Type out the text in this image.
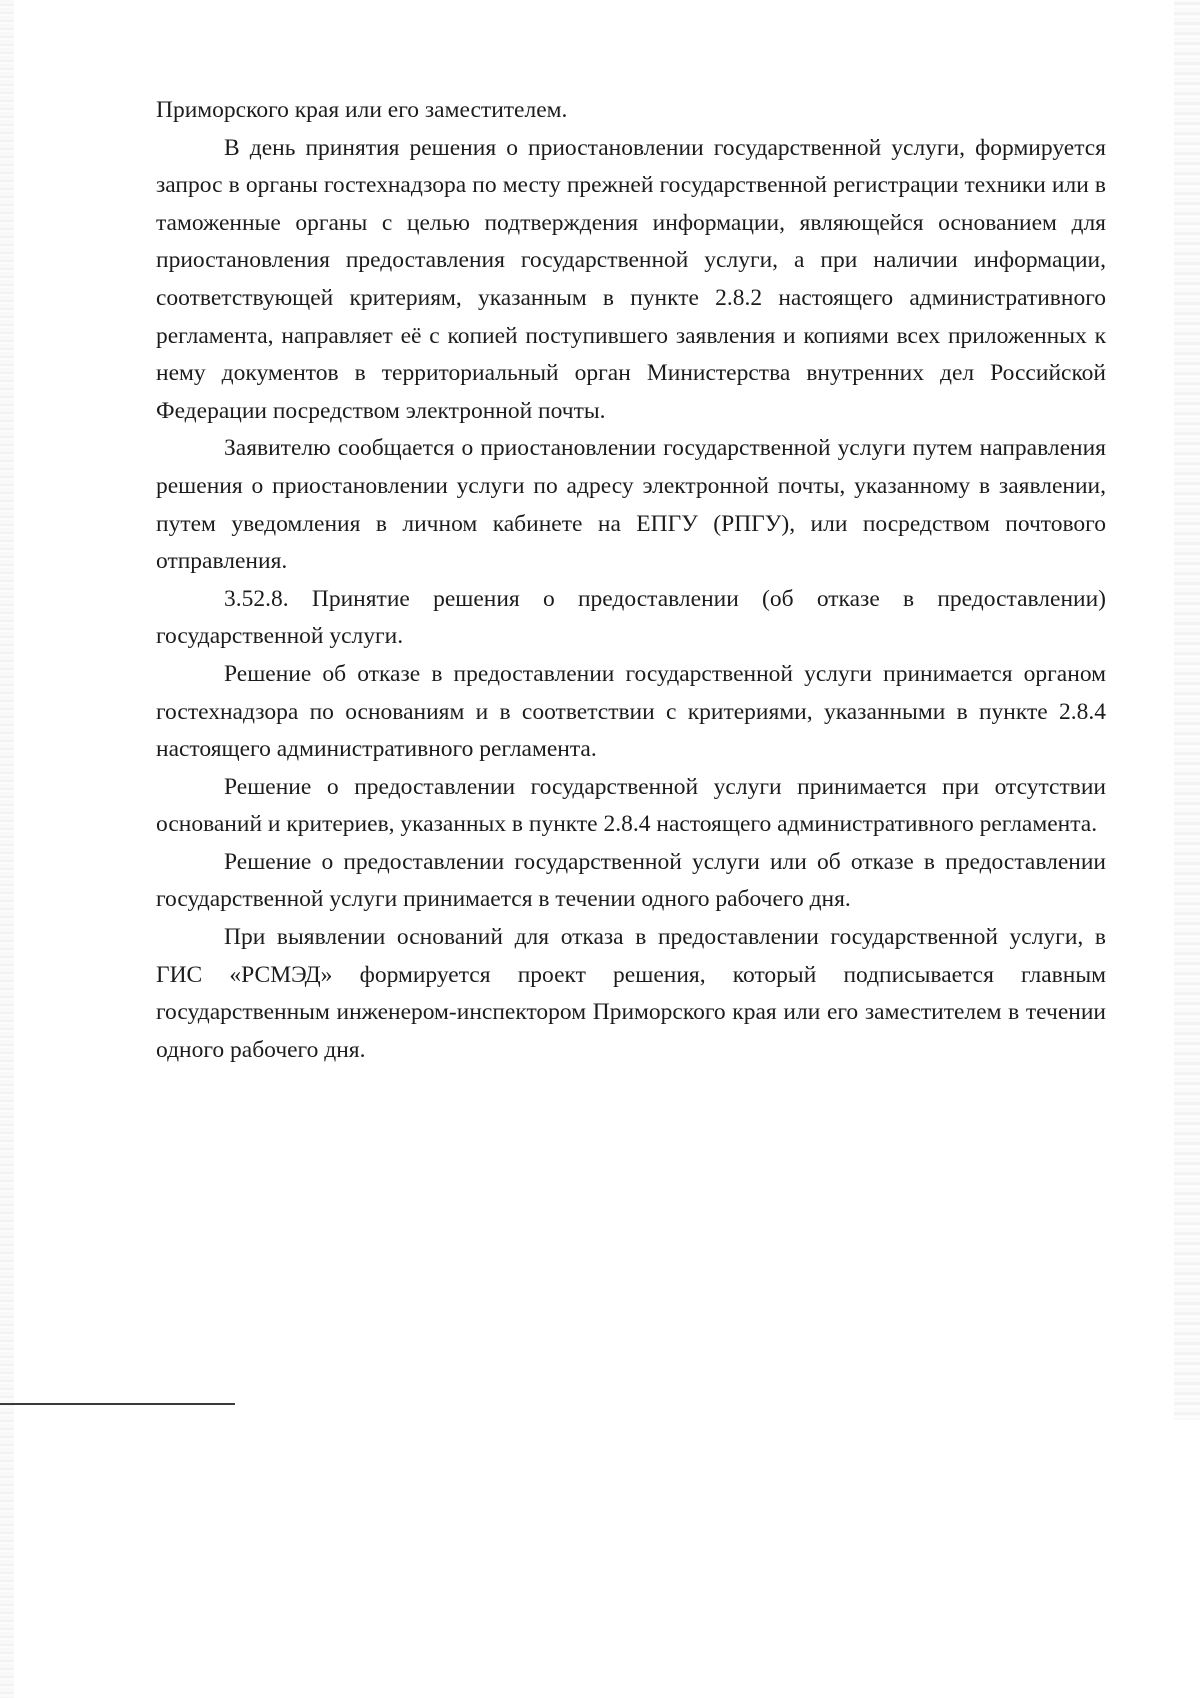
Приморского края или его заместителем.

В день принятия решения о приостановлении государственной услуги, формируется запрос в органы гостехнадзора по месту прежней государственной регистрации техники или в таможенные органы с целью подтверждения информации, являющейся основанием для приостановления предоставления государственной услуги, а при наличии информации, соответствующей критериям, указанным в пункте 2.8.2 настоящего административного регламента, направляет её с копией поступившего заявления и копиями всех приложенных к нему документов в территориальный орган Министерства внутренних дел Российской Федерации посредством электронной почты.

Заявителю сообщается о приостановлении государственной услуги путем направления решения о приостановлении услуги по адресу электронной почты, указанному в заявлении, путем уведомления в личном кабинете на ЕПГУ (РПГУ), или посредством почтового отправления.

3.52.8. Принятие решения о предоставлении (об отказе в предоставлении) государственной услуги.

Решение об отказе в предоставлении государственной услуги принимается органом гостехнадзора по основаниям и в соответствии с критериями, указанными в пункте 2.8.4 настоящего административного регламента.

Решение о предоставлении государственной услуги принимается при отсутствии оснований и критериев, указанных в пункте 2.8.4 настоящего административного регламента.

Решение о предоставлении государственной услуги или об отказе в предоставлении государственной услуги принимается в течении одного рабочего дня.

При выявлении оснований для отказа в предоставлении государственной услуги, в ГИС «РСМЭД» формируется проект решения, который подписывается главным государственным инженером-инспектором Приморского края или его заместителем в течении одного рабочего дня.
